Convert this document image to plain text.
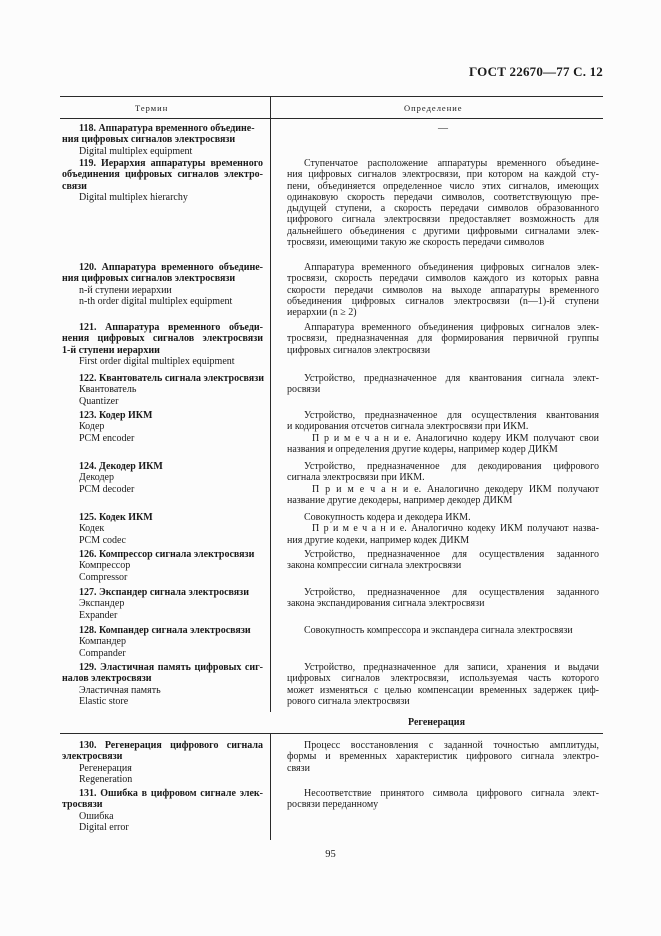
ГОСТ 22670—77 С. 12
Термин	Определение
118. Аппаратура временного объедине-
ния цифровых сигналов электросвязи
Digital multiplex equipment
—
119. Иерархия аппаратуры временного
объединения цифровых сигналов электро-
связи
Digital multiplex hierarchy
Ступенчатое расположение аппаратуры временного объедине-
ния цифровых сигналов электросвязи, при котором на каждой сту-
пени, объединяется определенное число этих сигналов, имеющих
одинаковую скорость передачи символов, соответствующую пре-
дыдущей ступени, а скорость передачи символов образованного
цифрового сигнала электросвязи предоставляет возможность для
дальнейшего объединения с другими цифровыми сигналами элек-
тросвязи, имеющими такую же скорость передачи символов
120. Аппаратура временного объедине-
ния цифровых сигналов электросвязи
n-й ступени иерархии
n-th order digital multiplex equipment
Аппаратура временного объединения цифровых сигналов элек-
тросвязи, скорость передачи символов каждого из которых равна
скорости передачи символов на выходе аппаратуры временного
объединения цифровых сигналов электросвязи (n—1)-й ступени
иерархии (n ≥ 2)
121. Аппаратура временного объеди-
нения цифровых сигналов электросвязи
1-й ступени иерархии
First order digital multiplex equipment
Аппаратура временного объединения цифровых сигналов элек-
тросвязи, предназначенная для формирования первичной группы
цифровых сигналов электросвязи
122. Квантователь сигнала электросвязи
Квантователь
Quantizer
Устройство, предназначенное для квантования сигнала элект-
росвязи
123. Кодер ИКМ
Кодер
PCM encoder
Устройство, предназначенное для осуществления квантования
и кодирования отсчетов сигнала электросвязи при ИКМ.
П р и м е ч а н и е. Аналогично кодеру ИКМ получают свои
названия и определения другие кодеры, например кодер ДИКМ
124. Декодер ИКМ
Декодер
PCM decoder
Устройство, предназначенное для декодирования цифрового
сигнала электросвязи при ИКМ.
П р и м е ч а н и е. Аналогично декодеру ИКМ получают
название другие декодеры, например декодер ДИКМ
125. Кодек ИКМ
Кодек
PCM codec
Совокупность кодера и декодера ИКМ.
П р и м е ч а н и е. Аналогично кодеку ИКМ получают назва-
ния другие кодеки, например кодек ДИКМ
126. Компрессор сигнала электросвязи
Компрессор
Compressor
Устройство, предназначенное для осуществления заданного
закона компрессии сигнала электросвязи
127. Экспандер сигнала электросвязи
Экспандер
Expander
Устройство, предназначенное для осуществления заданного
закона экспандирования сигнала электросвязи
128. Компандер сигнала электросвязи
Компандер
Compander
Совокупность компрессора и экспандера сигнала электросвязи
129. Эластичная память цифровых сиг-
налов электросвязи
Эластичная память
Elastic store
Устройство, предназначенное для записи, хранения и выдачи
цифровых сигналов электросвязи, используемая часть которого
может изменяться с целью компенсации временных задержек циф-
рового сигнала электросвязи
Регенерация
130. Регенерация цифрового сигнала
электросвязи
Регенерация
Regeneration
Процесс восстановления с заданной точностью амплитуды,
формы и временных характеристик цифрового сигнала электро-
связи
131. Ошибка в цифровом сигнале элек-
тросвязи
Ошибка
Digital error
Несоответствие принятого символа цифрового сигнала элект-
росвязи переданному
95
